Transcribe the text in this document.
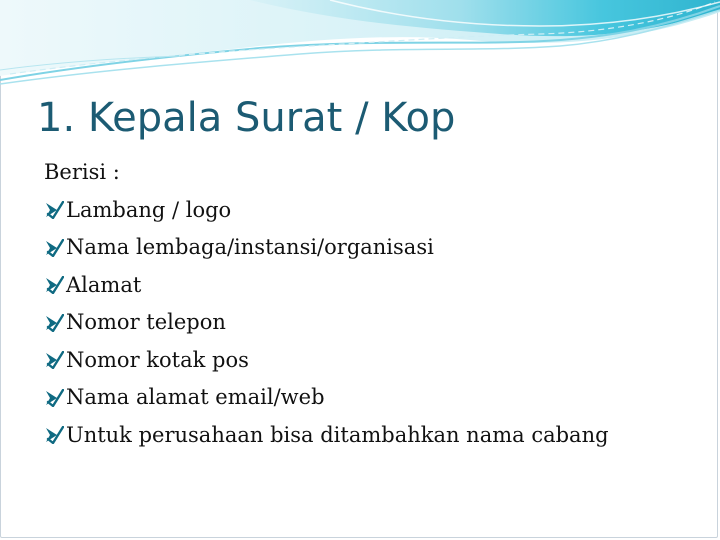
1. Kepala Surat / Kop
Berisi :
Lambang / logo
Nama lembaga/instansi/organisasi
Alamat
Nomor telepon
Nomor kotak pos
Nama alamat email/web
Untuk perusahaan bisa ditambahkan nama cabang
